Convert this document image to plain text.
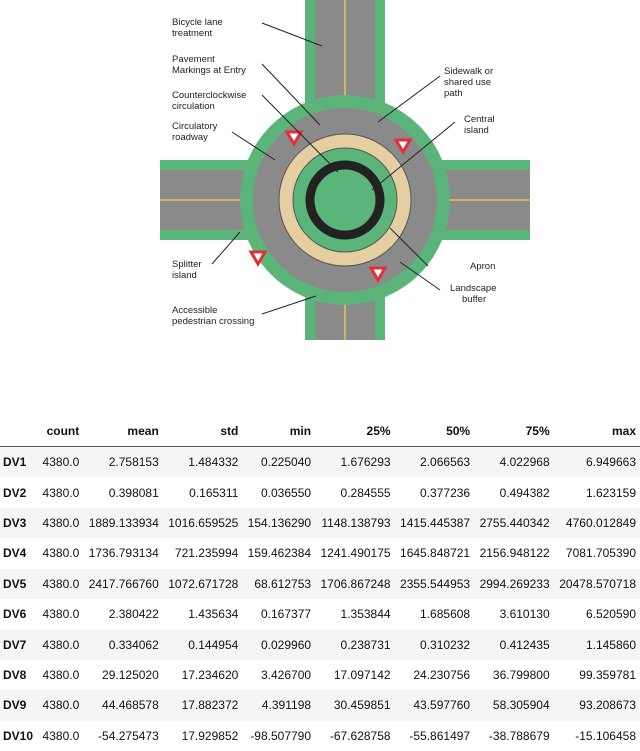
Bicycle lane treatment
Pavement Markings at Entry
Counterclockwise circulation
Circulatory roadway
Splitter island
Accessible pedestrian crossing
Sidewalk or shared use path
Central island
Apron
Landscape buffer
	count	mean	std	min	25%	50%	75%	max
DV1	4380.0	2.758153	1.484332	0.225040	1.676293	2.066563	4.022968	6.949663
DV2	4380.0	0.398081	0.165311	0.036550	0.284555	0.377236	0.494382	1.623159
DV3	4380.0	1889.133934	1016.659525	154.136290	1148.138793	1415.445387	2755.440342	4760.012849
DV4	4380.0	1736.793134	721.235994	159.462384	1241.490175	1645.848721	2156.948122	7081.705390
DV5	4380.0	2417.766760	1072.671728	68.612753	1706.867248	2355.544953	2994.269233	20478.570718
DV6	4380.0	2.380422	1.435634	0.167377	1.353844	1.685608	3.610130	6.520590
DV7	4380.0	0.334062	0.144954	0.029960	0.238731	0.310232	0.412435	1.145860
DV8	4380.0	29.125020	17.234620	3.426700	17.097142	24.230756	36.799800	99.359781
DV9	4380.0	44.468578	17.882372	4.391198	30.459851	43.597760	58.305904	93.208673
DV10	4380.0	-54.275473	17.929852	-98.507790	-67.628758	-55.861497	-38.788679	-15.106458
